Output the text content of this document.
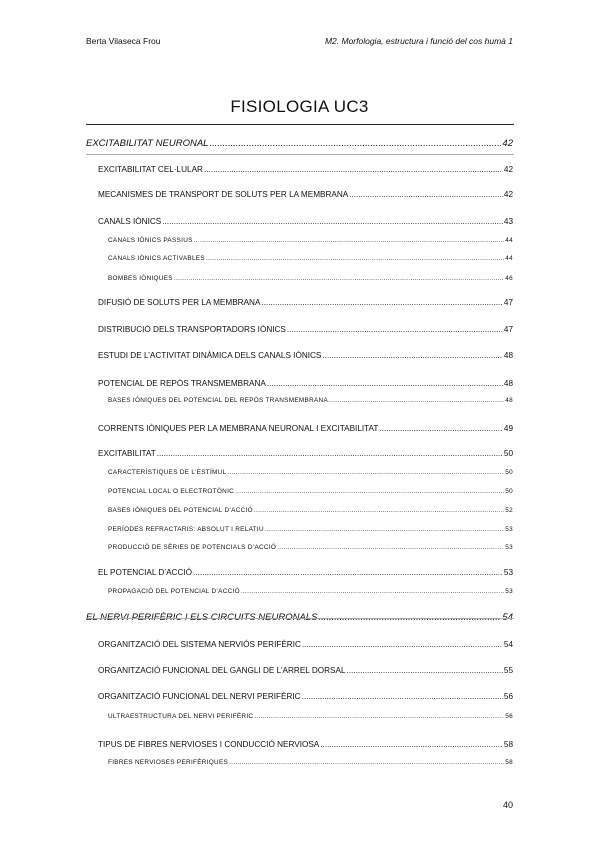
Berta Vilaseca Frou	M2. Morfologia, estructura i funció del cos humà 1
FISIOLOGIA UC3
EXCITABILITAT NEURONAL .....	42
EXCITABILITAT CEL·LULAR .....	42
MECANISMES DE TRANSPORT DE SOLUTS PER LA MEMBRANA .....	42
CANALS IÒNICS .....	43
CANALS IÒNICS PASSIUS .....	44
CANALS IÒNICS ACTIVABLES .....	44
BOMBES IÒNIQUES .....	46
DIFUSIÓ DE SOLUTS PER LA MEMBRANA .....	47
DISTRIBUCIÓ DELS TRANSPORTADORS IÒNICS .....	47
ESTUDI DE L’ACTIVITAT DINÀMICA DELS CANALS IÒNICS .....	48
POTENCIAL DE REPÒS TRANSMEMBRANA .....	48
BASES IÒNIQUES DEL POTENCIAL DEL REPÒS TRANSMEMBRANA .....	48
CORRENTS IÒNIQUES PER LA MEMBRANA NEURONAL I EXCITABILITAT .....	49
EXCITABILITAT .....	50
CARACTERÍSTIQUES DE L’ESTÍMUL .....	50
POTENCIAL LOCAL O ELECTROTÒNIC .....	50
BASES IÒNIQUES DEL POTENCIAL D’ACCIÓ .....	52
PERÍODES REFRACTARIS: ABSOLUT I RELATIU .....	53
PRODUCCIÓ DE SÈRIES DE POTENCIALS D’ACCIÓ .....	53
EL POTENCIAL D’ACCIÓ .....	53
PROPAGACIÓ DEL POTENCIAL D’ACCIÓ .....	53
EL NERVI PERIFÈRIC I ELS CIRCUITS NEURONALS .....	54
ORGANITZACIÓ DEL SISTEMA NERVIÓS PERIFÈRIC .....	54
ORGANITZACIÓ FUNCIONAL DEL GANGLI DE L’ARREL DORSAL .....	55
ORGANITZACIÓ FUNCIONAL DEL NERVI PERIFÈRIC .....	56
ULTRAESTRUCTURA DEL NERVI PERIFÈRIC .....	56
TIPUS DE FIBRES NERVIOSES I CONDUCCIÓ NERVIOSA .....	58
FIBRES NERVIOSES PERIFÈRIQUES .....	58
40
